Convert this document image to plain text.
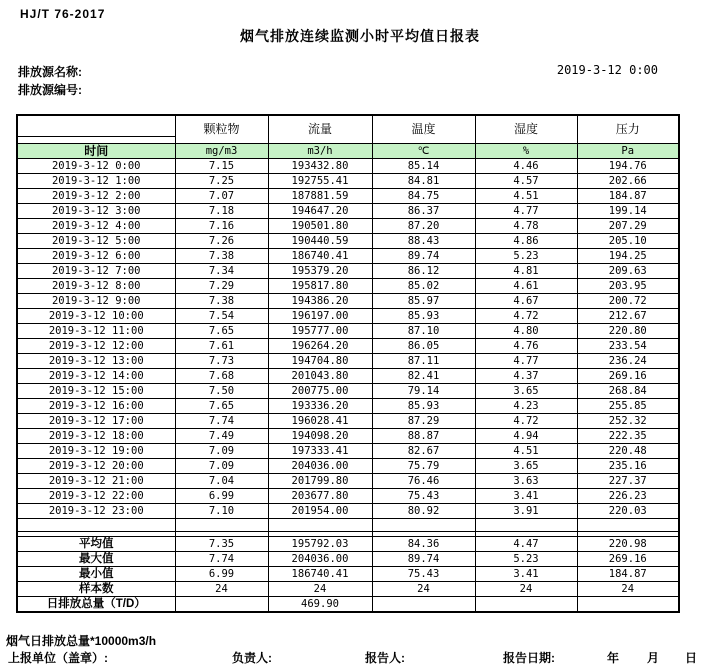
HJ/T 76-2017
烟气排放连续监测小时平均值日报表
排放源名称:
排放源编号:
2019-3-12 0:00
	颗粒物	流量	温度	湿度	压力
时间	mg/m3	m3/h	℃	%	Pa
2019-3-12 0:00	7.15	193432.80	85.14	4.46	194.76
2019-3-12 1:00	7.25	192755.41	84.81	4.57	202.66
2019-3-12 2:00	7.07	187881.59	84.75	4.51	184.87
2019-3-12 3:00	7.18	194647.20	86.37	4.77	199.14
2019-3-12 4:00	7.16	190501.80	87.20	4.78	207.29
2019-3-12 5:00	7.26	190440.59	88.43	4.86	205.10
2019-3-12 6:00	7.38	186740.41	89.74	5.23	194.25
2019-3-12 7:00	7.34	195379.20	86.12	4.81	209.63
2019-3-12 8:00	7.29	195817.80	85.02	4.61	203.95
2019-3-12 9:00	7.38	194386.20	85.97	4.67	200.72
2019-3-12 10:00	7.54	196197.00	85.93	4.72	212.67
2019-3-12 11:00	7.65	195777.00	87.10	4.80	220.80
2019-3-12 12:00	7.61	196264.20	86.05	4.76	233.54
2019-3-12 13:00	7.73	194704.80	87.11	4.77	236.24
2019-3-12 14:00	7.68	201043.80	82.41	4.37	269.16
2019-3-12 15:00	7.50	200775.00	79.14	3.65	268.84
2019-3-12 16:00	7.65	193336.20	85.93	4.23	255.85
2019-3-12 17:00	7.74	196028.41	87.29	4.72	252.32
2019-3-12 18:00	7.49	194098.20	88.87	4.94	222.35
2019-3-12 19:00	7.09	197333.41	82.67	4.51	220.48
2019-3-12 20:00	7.09	204036.00	75.79	3.65	235.16
2019-3-12 21:00	7.04	201799.80	76.46	3.63	227.37
2019-3-12 22:00	6.99	203677.80	75.43	3.41	226.23
2019-3-12 23:00	7.10	201954.00	80.92	3.91	220.03

平均值	7.35	195792.03	84.36	4.47	220.98
最大值	7.74	204036.00	89.74	5.23	269.16
最小值	6.99	186740.41	75.43	3.41	184.87
样本数	24	24	24	24	24
日排放总量（T/D）		469.90			
烟气日排放总量*10000m3/h
上报单位（盖章）:	负责人:	报告人:	报告日期:	年 月 日
